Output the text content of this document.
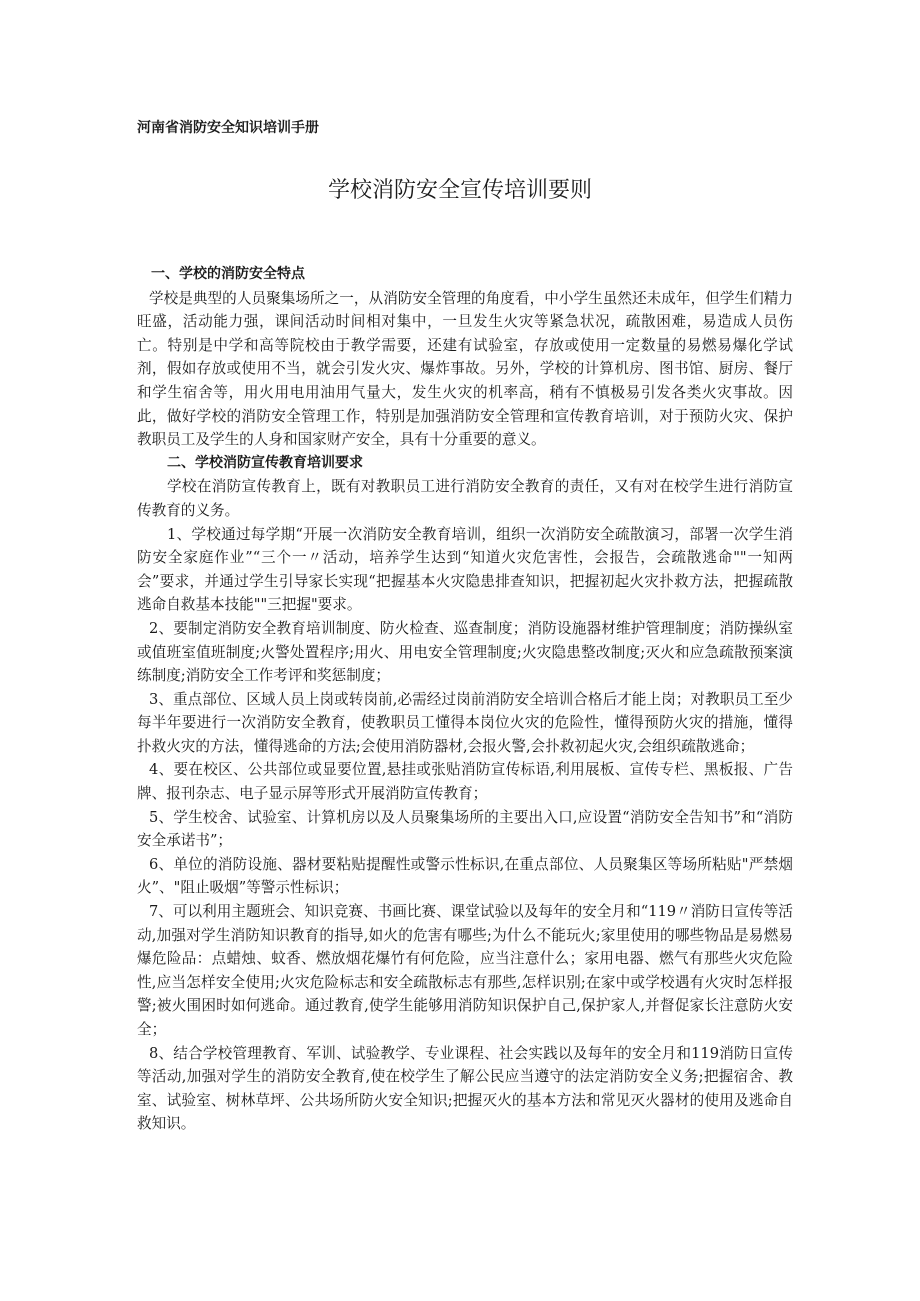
河南省消防安全知识培训手册
学校消防安全宣传培训要则

一、学校的消防安全特点

学校是典型的人员聚集场所之一，从消防安全管理的角度看，中小学生虽然还未成年，但学生们精力旺盛，活动能力强，课间活动时间相对集中，一旦发生火灾等紧急状况，疏散困难，易造成人员伤亡。特别是中学和高等院校由于教学需要，还建有试验室，存放或使用一定数量的易燃易爆化学试剂，假如存放或使用不当，就会引发火灾、爆炸事故。另外，学校的计算机房、图书馆、厨房、餐厅和学生宿舍等，用火用电用油用气量大，发生火灾的机率高，稍有不慎极易引发各类火灾事故。因此，做好学校的消防安全管理工作，特别是加强消防安全管理和宣传教育培训，对于预防火灾、保护教职员工及学生的人身和国家财产安全，具有十分重要的意义。

二、学校消防宣传教育培训要求

学校在消防宣传教育上，既有对教职员工进行消防安全教育的责任，又有对在校学生进行消防宣传教育的义务。

1、学校通过每学期“开展一次消防安全教育培训，组织一次消防安全疏散演习，部署一次学生消防安全家庭作业”“三个一〃活动，培养学生达到“知道火灾危害性，会报告，会疏散逃命""一知两会”要求，并通过学生引导家长实现“把握基本火灾隐患排查知识，把握初起火灾扑救方法，把握疏散逃命自救基本技能""三把握"要求。

2、要制定消防安全教育培训制度、防火检查、巡查制度；消防设施器材维护管理制度；消防操纵室或值班室值班制度;火警处置程序;用火、用电安全管理制度;火灾隐患整改制度;灭火和应急疏散预案演练制度;消防安全工作考评和奖惩制度；

3、重点部位、区域人员上岗或转岗前,必需经过岗前消防安全培训合格后才能上岗；对教职员工至少每半年要进行一次消防安全教育，使教职员工懂得本岗位火灾的危险性，懂得预防火灾的措施，懂得扑救火灾的方法，懂得逃命的方法;会使用消防器材,会报火警,会扑救初起火灾,会组织疏散逃命；

4、要在校区、公共部位或显要位置,悬挂或张贴消防宣传标语,利用展板、宣传专栏、黑板报、广告牌、报刊杂志、电子显示屏等形式开展消防宣传教育；

5、学生校舍、试验室、计算机房以及人员聚集场所的主要出入口,应设置“消防安全告知书”和“消防安全承诺书”；

6、单位的消防设施、器材要粘贴提醒性或警示性标识,在重点部位、人员聚集区等场所粘贴"严禁烟火”、"阻止吸烟”等警示性标识；

7、可以利用主题班会、知识竞赛、书画比赛、课堂试验以及每年的安全月和“119〃消防日宣传等活动,加强对学生消防知识教育的指导,如火的危害有哪些;为什么不能玩火;家里使用的哪些物品是易燃易爆危险品：点蜡烛、蚊香、燃放烟花爆竹有何危险，应当注意什么；家用电器、燃气有那些火灾危险性,应当怎样安全使用;火灾危险标志和安全疏散标志有那些,怎样识别;在家中或学校遇有火灾时怎样报警;被火围困时如何逃命。通过教育,使学生能够用消防知识保护自己,保护家人,并督促家长注意防火安全；

8、结合学校管理教育、军训、试验教学、专业课程、社会实践以及每年的安全月和119消防日宣传等活动,加强对学生的消防安全教育,使在校学生了解公民应当遵守的法定消防安全义务;把握宿舍、教室、试验室、树林草坪、公共场所防火安全知识;把握灭火的基本方法和常见灭火器材的使用及逃命自救知识。
